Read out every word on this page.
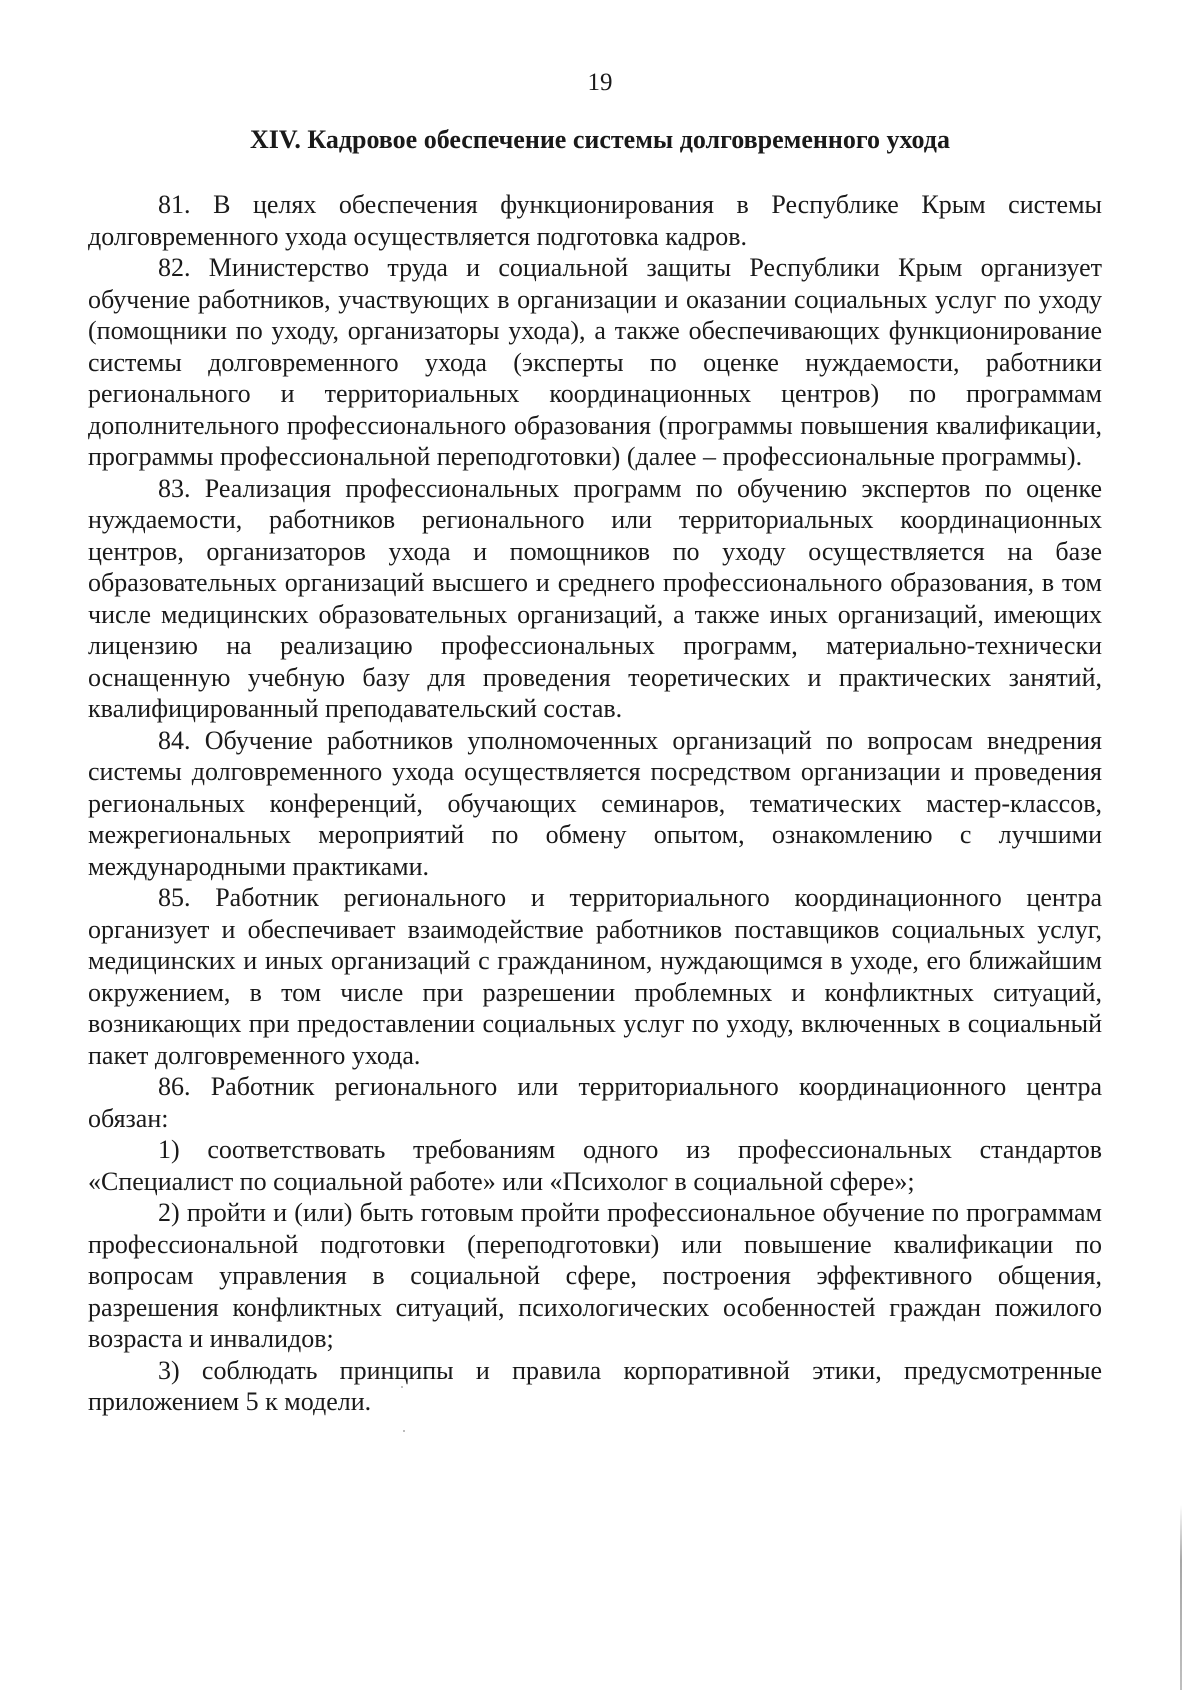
19
XIV. Кадровое обеспечение системы долговременного ухода

81. В целях обеспечения функционирования в Республике Крым системы долговременного ухода осуществляется подготовка кадров.

82. Министерство труда и социальной защиты Республики Крым организует обучение работников, участвующих в организации и оказании социальных услуг по уходу (помощники по уходу, организаторы ухода), а также обеспечивающих функционирование системы долговременного ухода (эксперты по оценке нуждаемости, работники регионального и территориальных координационных центров) по программам дополнительного профессионального образования (программы повышения квалификации, программы профессиональной переподготовки) (далее – профессиональные программы).

83. Реализация профессиональных программ по обучению экспертов по оценке нуждаемости, работников регионального или территориальных координационных центров, организаторов ухода и помощников по уходу осуществляется на базе образовательных организаций высшего и среднего профессионального образования, в том числе медицинских образовательных организаций, а также иных организаций, имеющих лицензию на реализацию профессиональных программ, материально-технически оснащенную учебную базу для проведения теоретических и практических занятий, квалифицированный преподавательский состав.

84. Обучение работников уполномоченных организаций по вопросам внедрения системы долговременного ухода осуществляется посредством организации и проведения региональных конференций, обучающих семинаров, тематических мастер-классов, межрегиональных мероприятий по обмену опытом, ознакомлению с лучшими международными практиками.

85. Работник регионального и территориального координационного центра организует и обеспечивает взаимодействие работников поставщиков социальных услуг, медицинских и иных организаций с гражданином, нуждающимся в уходе, его ближайшим окружением, в том числе при разрешении проблемных и конфликтных ситуаций, возникающих при предоставлении социальных услуг по уходу, включенных в социальный пакет долговременного ухода.

86. Работник регионального или территориального координационного центра обязан:

1) соответствовать требованиям одного из профессиональных стандартов «Специалист по социальной работе» или «Психолог в социальной сфере»;

2) пройти и (или) быть готовым пройти профессиональное обучение по программам профессиональной подготовки (переподготовки) или повышение квалификации по вопросам управления в социальной сфере, построения эффективного общения, разрешения конфликтных ситуаций, психологических особенностей граждан пожилого возраста и инвалидов;

3) соблюдать принципы и правила корпоративной этики, предусмотренные приложением 5 к модели.
